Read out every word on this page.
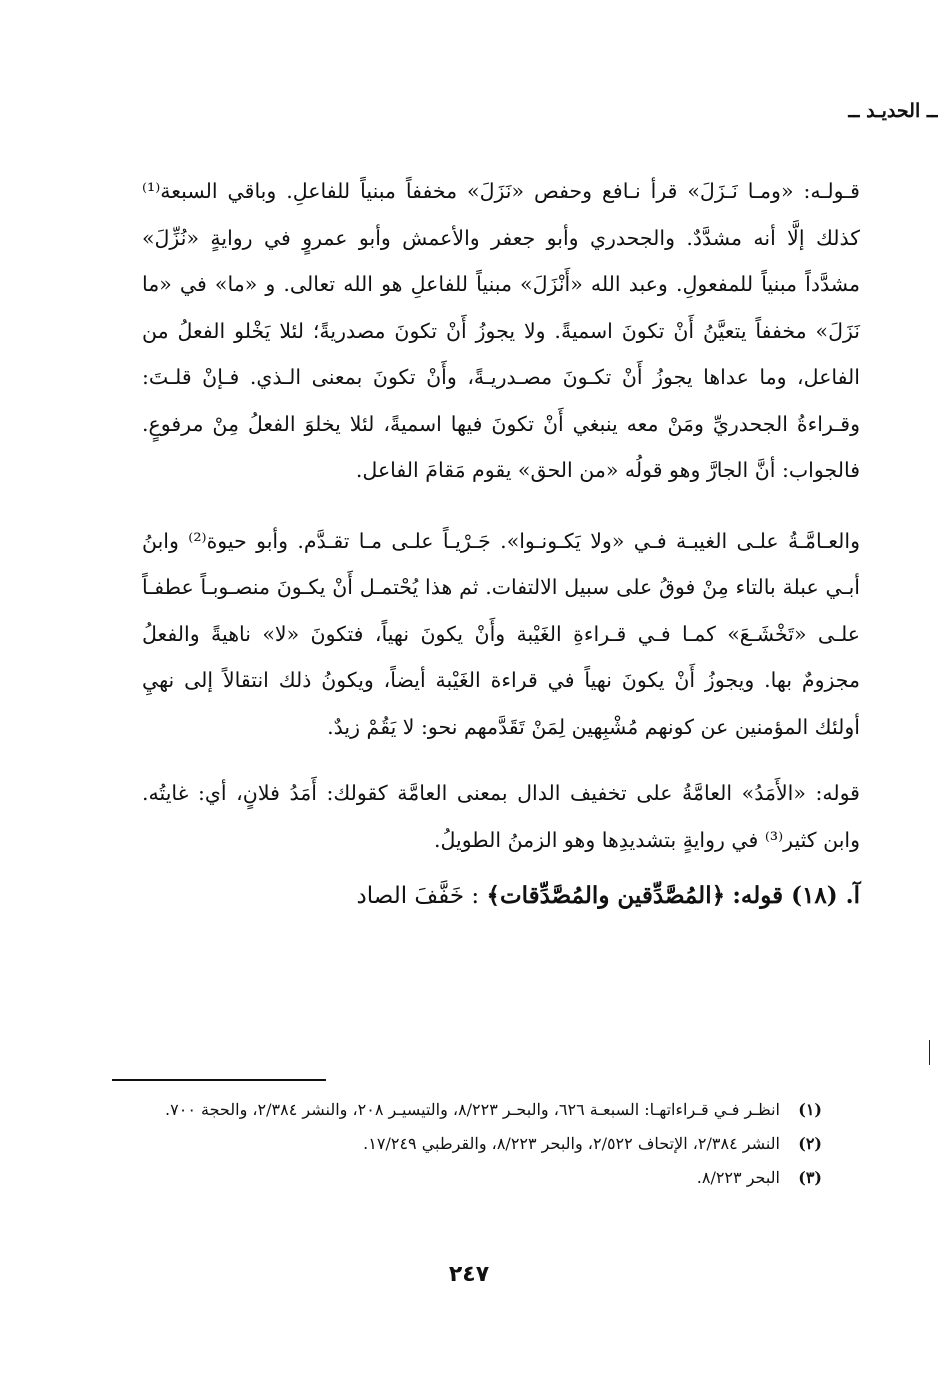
ــ الحديـد ــ

قـولـه: «ومـا نَـزَلَ» قرأ نـافع وحفص «نَزَلَ» مخففاً مبنياً للفاعلِ. وباقي السبعة⁽¹⁾ كذلك إلَّا أنه مشدَّدٌ. والجحدري وأبو جعفر والأعمش وأبو عمروٍ في روايةٍ «نُزِّلَ» مشدَّداً مبنياً للمفعولِ. وعبد الله «أَنْزَلَ» مبنياً للفاعلِ هو الله تعالى. و «ما» في «ما نَزَلَ» مخففاً يتعيَّنُ أَنْ تكونَ اسميةً. ولا يجوزُ أَنْ تكونَ مصدريةً؛ لئلا يَخْلو الفعلُ من الفاعل، وما عداها يجوزُ أَنْ تكـونَ مصـدريـةً، وأَنْ تكونَ بمعنى الـذي. فـإنْ قلـتَ: وقـراءةُ الجحدريِّ ومَنْ معه ينبغي أَنْ تكونَ فيها اسميةً، لئلا يخلوَ الفعلُ مِنْ مرفوعٍ. فالجواب: أنَّ الجارَّ وهو قولُه «من الحق» يقوم مَقامَ الفاعل.

والعـامَّـةُ علـى الغيبـة فـي «ولا يَكـونـوا». جَـرْيـاً علـى مـا تقـدَّم. وأبو حيوة⁽²⁾ وابنُ أبـي عبلة بالتاء مِنْ فوقُ على سبيل الالتفات. ثم هذا يُحْتمـل أَنْ يكـونَ منصـوبـاً عطفـاً علـى «تَخْشَـعَ» كمـا فـي قـراءةِ الغَيْبة وأَنْ يكونَ نهياً، فتكونَ «لا» ناهيةً والفعلُ مجزومٌ بها. ويجوزُ أَنْ يكونَ نهياً في قراءة الغَيْبة أيضاً، ويكونُ ذلك انتقالاً إلى نهيِ أولئك المؤمنين عن كونهم مُشْبِهين لِمَنْ تَقَدَّمهم نحو: لا يَقُمْ زيدٌ.

قوله: «الأَمَدُ» العامَّةُ على تخفيف الدال بمعنى العامَّة كقولك: أَمَدُ فلانٍ، أي: غايتُه. وابن كثير⁽³⁾ في روايةٍ بتشديدِها وهو الزمنُ الطويلُ.

آ. (١٨) قوله: ﴿المُصَّدِّقين والمُصَّدِّقات﴾ : خَفَّفَ الصاد

(١)
انظـر فـي قـراءاتهـا: السبعـة ٦٢٦، والبحـر ٨/٢٢٣، والتيسيـر ٢٠٨، والنشر ٢/٣٨٤، والحجة ٧٠٠.
(٢)
النشر ٢/٣٨٤، الإتحاف ٢/٥٢٢، والبحر ٨/٢٢٣، والقرطبي ١٧/٢٤٩.
(٣)
البحر ٨/٢٢٣.
٢٤٧
